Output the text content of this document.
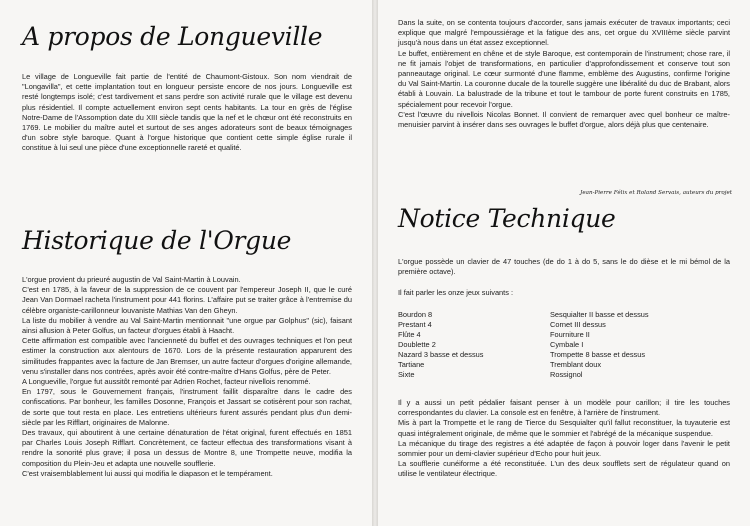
A propos de Longueville

Le village de Longueville fait partie de l'entité de Chaumont-Gistoux. Son nom viendrait de "Longavilla", et cette implantation tout en longueur persiste encore de nos jours. Longueville est resté longtemps isolé; c'est tardivement et sans perdre son activité rurale que le village est devenu plus résidentiel. Il compte actuellement environ sept cents habitants. La tour en grès de l'église Notre-Dame de l'Assomption date du XIII siècle tandis que la nef et le chœur ont été reconstruits en 1769. Le mobilier du maître autel et surtout de ses anges adorateurs sont de beaux témoignages d'un sobre style baroque. Quant à l'orgue historique que contient cette simple église rurale il constitue à lui seul une pièce d'une exceptionnelle rareté et qualité.

Historique de l'Orgue

L'orgue provient du prieuré augustin de Val Saint-Martin à Louvain.

C'est en 1785, à la faveur de la suppression de ce couvent par l'empereur Joseph II, que le curé Jean Van Dormael racheta l'instrument pour 441 florins. L'affaire put se traiter grâce à l'entremise du célèbre organiste-carillonneur louvaniste Mathias Van den Gheyn.

La liste du mobilier à vendre au Val Saint-Martin mentionnait "une orgue par Golphus" (sic), faisant ainsi allusion à Peter Golfus, un facteur d'orgues établi à Haacht.

Cette affirmation est compatible avec l'ancienneté du buffet et des ouvrages techniques et l'on peut estimer la construction aux alentours de 1670. Lors de la présente restauration apparurent des similitudes frappantes avec la facture de Jan Bremser, un autre facteur d'orgues d'origine allemande, venu s'installer dans nos contrées, après avoir été contre-maître d'Hans Golfus, père de Peter.

A Longueville, l'orgue fut aussitôt remonté par Adrien Rochet, facteur nivellois renommé.

En 1797, sous le Gouvernement français, l'instrument faillit disparaître dans le cadre des confiscations. Par bonheur, les familles Dosonne, François et Jassart se cotisèrent pour son rachat, de sorte que tout resta en place. Les entretiens ultérieurs furent assurés pendant plus d'un demi-siècle par les Rifflart, originaires de Malonne.

Des travaux, qui aboutirent à une certaine dénaturation de l'état original, furent effectués en 1851 par Charles Louis Joseph Rifflart. Concrètement, ce facteur effectua des transformations visant à rendre la sonorité plus grave; il posa un dessus de Montre 8, une Trompette neuve, modifia la composition du Plein-Jeu et adapta une nouvelle soufflerie.

C'est vraisemblablement lui aussi qui modifia le diapason et le tempérament.

Dans la suite, on se contenta toujours d'accorder, sans jamais exécuter de travaux importants; ceci explique que malgré l'empoussiérage et la fatigue des ans, cet orgue du XVIIIème siècle parvint jusqu'à nous dans un état assez exceptionnel.

Le buffet, entièrement en chêne et de style Baroque, est contemporain de l'instrument; chose rare, il ne fit jamais l'objet de transformations, en particulier d'approfondissement et conserve tout son panneautage original. Le cœur surmonté d'une flamme, emblème des Augustins, confirme l'origine du Val Saint-Martin. La couronne ducale de la tourelle suggère une libéralité du duc de Brabant, alors établi à Louvain. La balustrade de la tribune et tout le tambour de porte furent construits en 1785, spécialement pour recevoir l'orgue.

C'est l'œuvre du nivellois Nicolas Bonnet. Il convient de remarquer avec quel bonheur ce maître-menuisier parvint à insérer dans ses ouvrages le buffet d'orgue, alors déjà plus que centenaire.

Jean-Pierre Félix et Roland Servais, auteurs du projet

Notice Technique

L'orgue possède un clavier de 47 touches (de do 1 à do 5, sans le do dièse et le mi bémol de la première octave).

Il fait parler les onze jeux suivants :

Bourdon 8
Prestant 4
Flûte 4
Doublette 2
Nazard 3 basse et dessus
Tartiane
Sixte
Sesquialter II basse et dessus
Cornet III dessus
Fourniture II
Cymbale I
Trompette 8 basse et dessus
Tremblant doux
Rossignol

Il y a aussi un petit pédalier faisant penser à un modèle pour carillon; il tire les touches correspondantes du clavier. La console est en fenêtre, à l'arrière de l'instrument.

Mis à part la Trompette et le rang de Tierce du Sesquialter qu'il fallut reconstituer, la tuyauterie est quasi intégralement originale, de même que le sommier et l'abrégé de la mécanique suspendue.

La mécanique du tirage des registres a été adaptée de façon à pouvoir loger dans l'avenir le petit sommier pour un demi-clavier supérieur d'Echo pour huit jeux.

La soufflerie cunéiforme a été reconstituée. L'un des deux soufflets sert de régulateur quand on utilise le ventilateur électrique.
